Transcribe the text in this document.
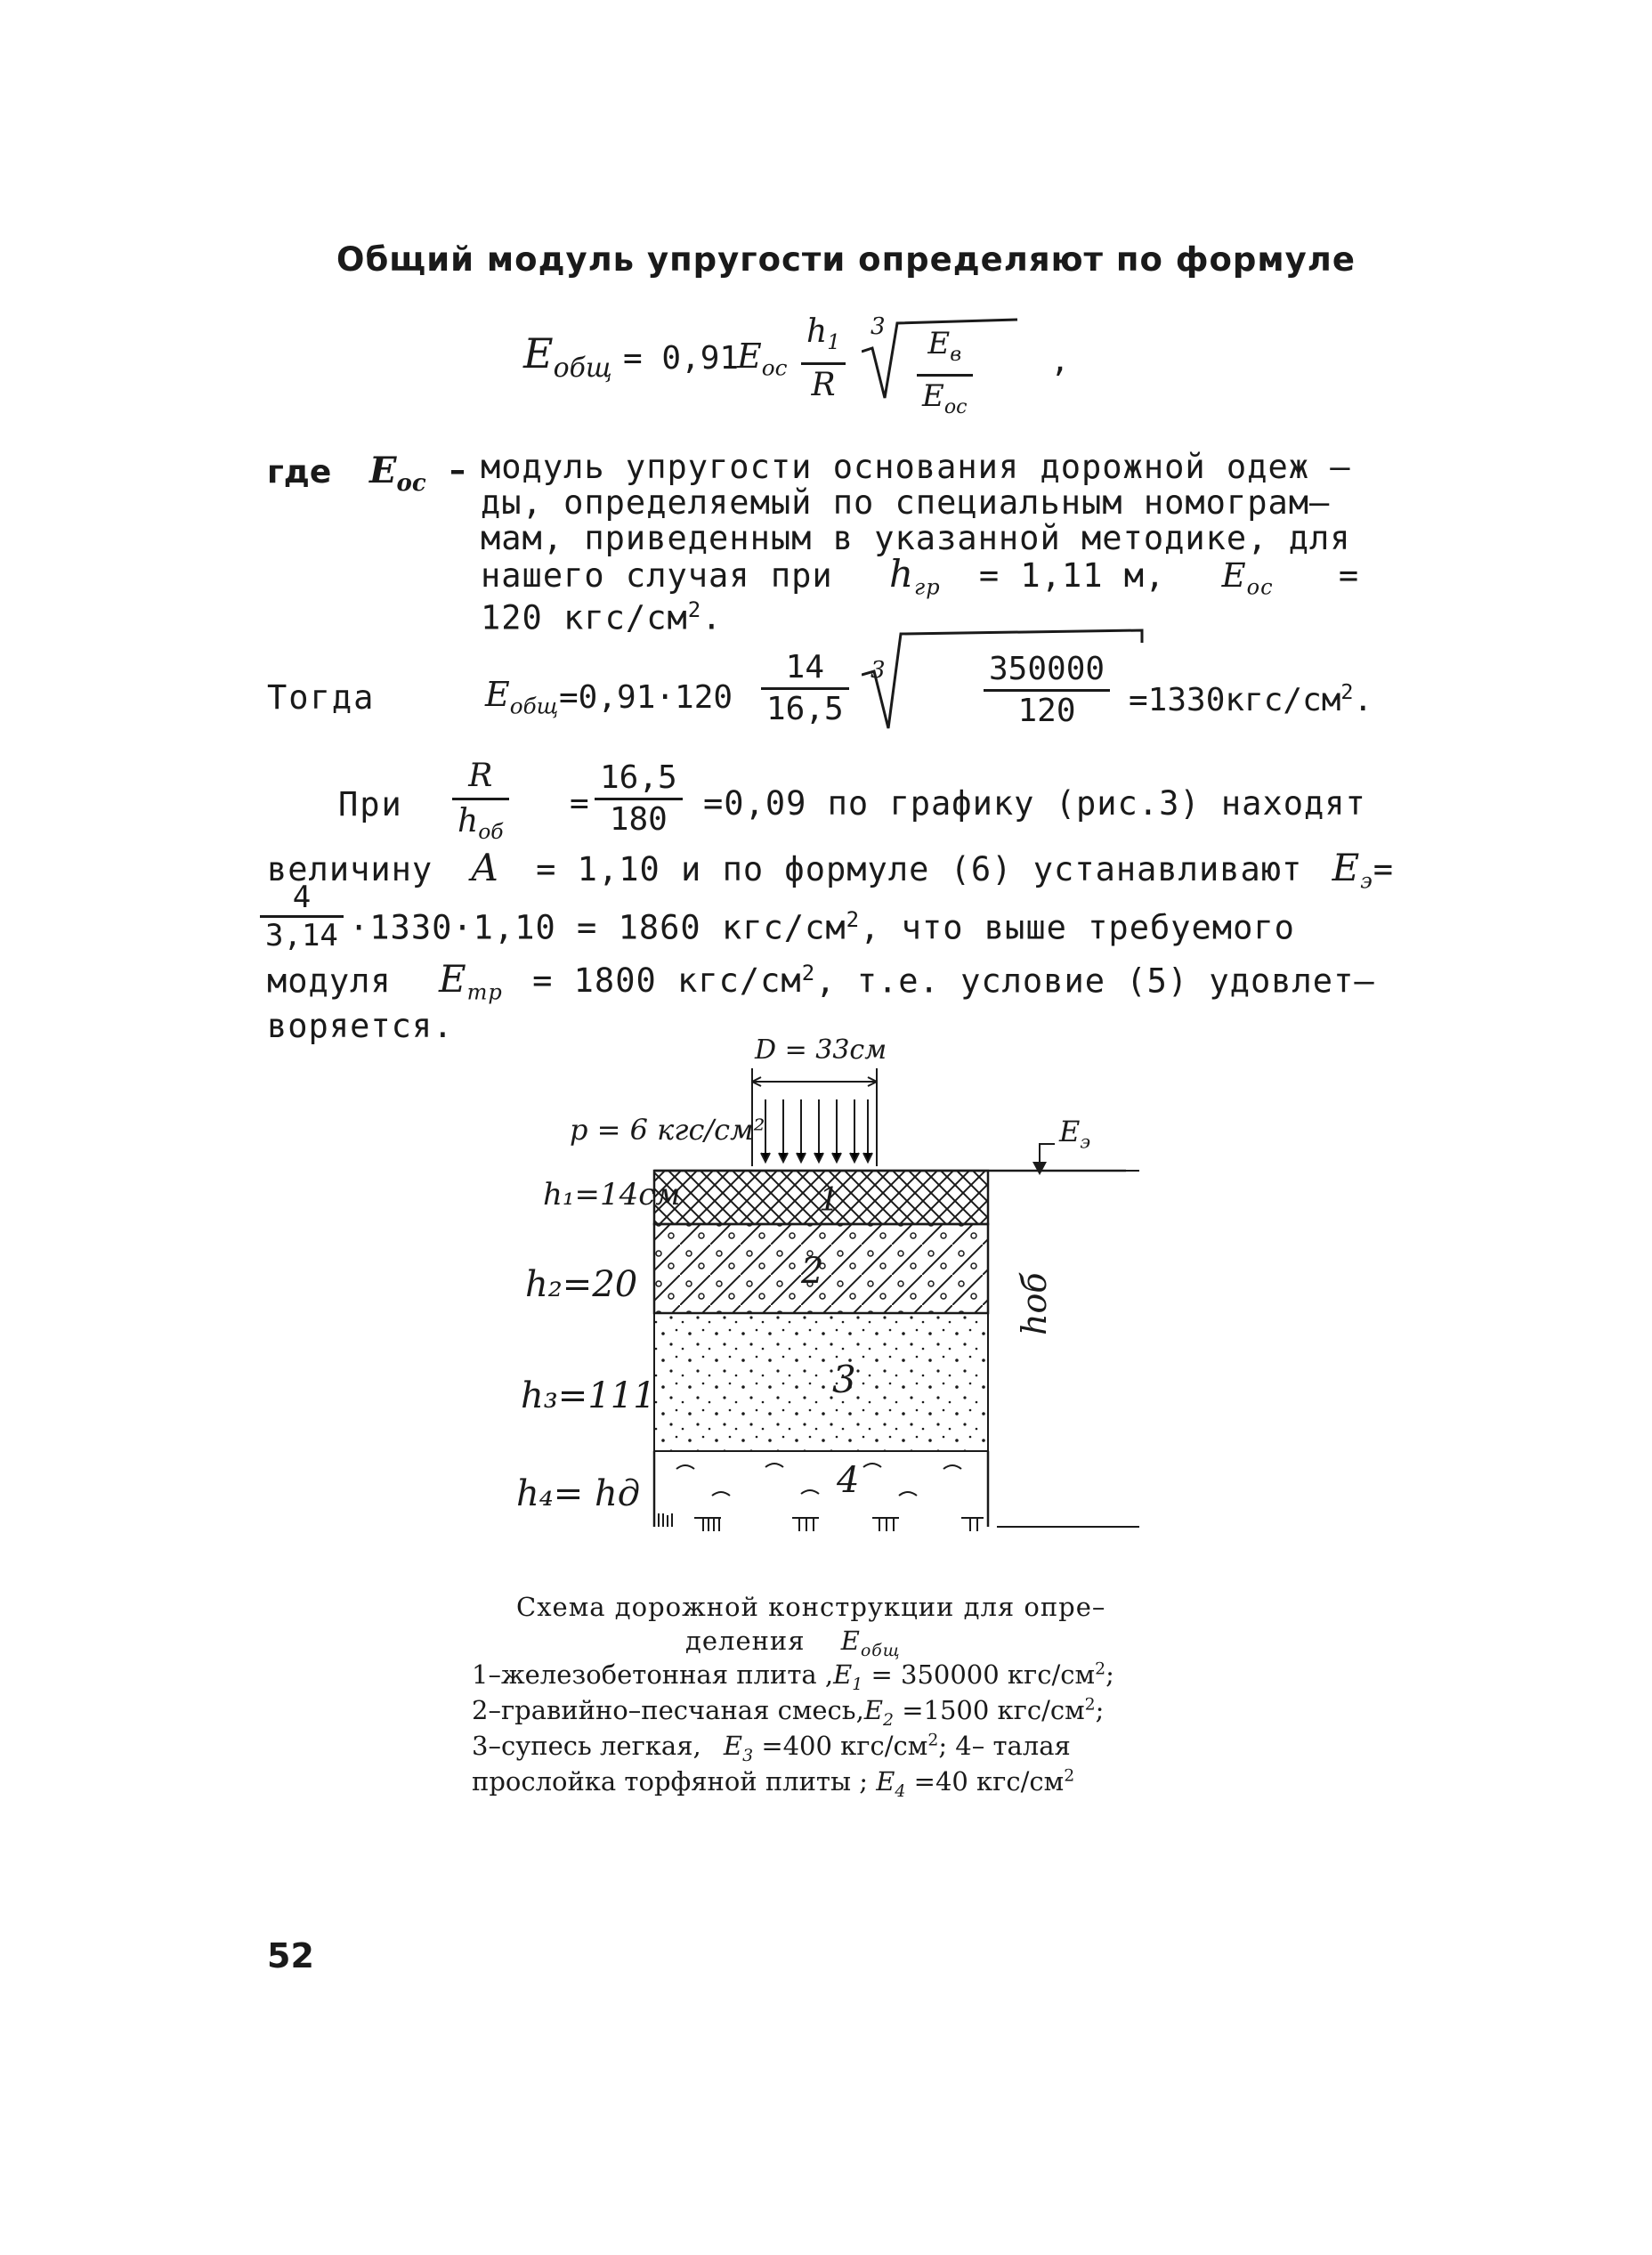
Общий модуль упругости определяют по формуле
$E_{общ} = 0,91$
$E_{ос} \frac{h_1}{R} 3$	$E_в$
$E_{ос}$
,
где $E_{ос}$ – модуль упругости основания дорожной одеж –
ды, определяемый по специальным номограм–
мам, приведенным в указанной методике, для
нашего случая при $h_{гр} = 1,11$ м, $E_{ос}$ =
120 кгс/$см^2$.
Тогда	$E_{общ} =0,91\cdot 120 \frac{14}{16,5} 3$	$\frac{350000}{120} =1330кгс/см^2$.
При
R
$h_{об}$
= $\frac{16,5}{180} =0,09$ по графику (рис.3) находят
величину A = 1,10 и по формуле (6) устанавливают $E_э=$
$\frac{4}{3,14} \cdot 1330\cdot 1,10 = 1860$ кгс/$см^2$, что выше требуемого
модуля $E_{тр} = 1800$ кгс/$см^2$, т.е. условие (5) удовлет–
воряется.
D = 33см
p = 6 кгс/см²	$E_э$
h₁=14см
h₂=20
h₃=111
h₄= hд
hоб
1
2
3
4
Схема дорожной конструкции для опре–
деления $E_{общ}$
1–железобетонная плита $,E_1 = 350000$ кгс/$см^2$;
2–гравийно–песчаная $смесь,E_2 =1500$ кгс/$см^2$;
3–супесь легкая, $E_3 =400$ кгс/$см^2$; 4– талая
прослойка торфяной плиты ; $E_4 =40$ кгс/$см^2$
52
